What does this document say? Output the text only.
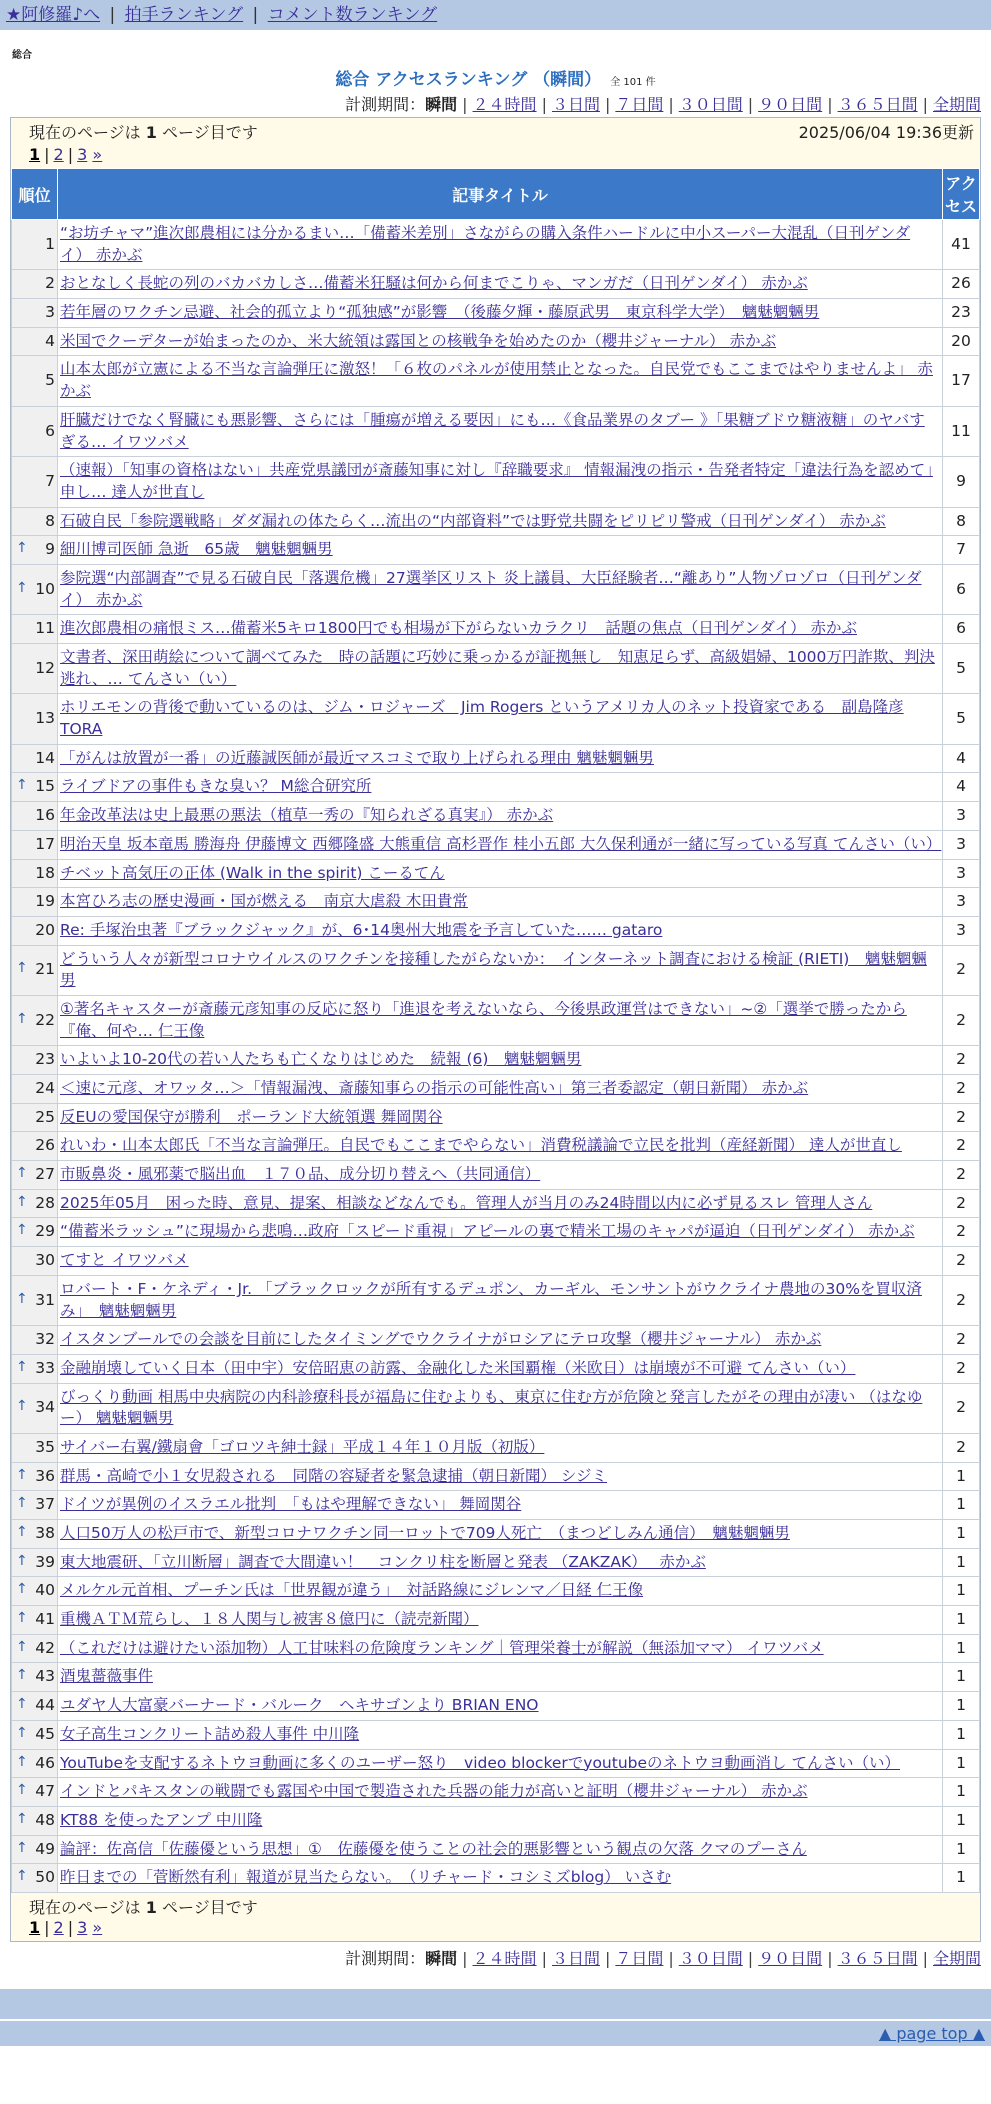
★阿修羅♪へ | 拍手ランキング | コメント数ランキング
総合
総合 アクセスランキング （瞬間） 全 101 件
計測期間：瞬間 | ２４時間 | ３日間 | ７日間 | ３０日間 | ９０日間 | ３６５日間 | 全期間
現在のページは 1 ページ目です	2025/06/04 19:36更新
1 | 2 | 3 »
順位	記事タイトル	アクセス
1	“お坊チャマ”進次郎農相には分かるまい…「備蓄米差別」さながらの購入条件ハードルに中小スーパー大混乱（日刊ゲンダイ） 赤かぶ	41
2	おとなしく長蛇の列のバカバカしさ…備蓄米狂騒は何から何までこりゃ、マンガだ（日刊ゲンダイ） 赤かぶ	26
3	若年層のワクチン忌避、社会的孤立より“孤独感”が影響　（後藤夕輝・藤原武男　東京科学大学）　魑魅魍魎男	23
4	米国でクーデターが始まったのか、米大統領は露国との核戦争を始めたのか（櫻井ジャーナル） 赤かぶ	20
5	山本太郎が立憲による不当な言論弾圧に激怒！「６枚のパネルが使用禁止となった。自民党でもここまではやりませんよ」 赤かぶ	17
6	肝臓だけでなく腎臓にも悪影響、さらには「腫瘍が増える要因」にも…《食品業界のタブー 》「果糖ブドウ糖液糖」のヤバすぎる… イワツバメ	11
7	（速報）「知事の資格はない」共産党県議団が斎藤知事に対し『辞職要求』 情報漏洩の指示・告発者特定「違法行為を認めて」申し… 達人が世直し	9
8	石破自民「参院選戦略」ダダ漏れの体たらく…流出の“内部資料”では野党共闘をピリピリ警戒（日刊ゲンダイ） 赤かぶ	8

↑ 9	細川博司医師 急逝　65歳　魑魅魍魎男	7

↑ 10	参院選“内部調査”で見る石破自民「落選危機」27選挙区リスト 炎上議員、大臣経験者…“離あり”人物ゾロゾロ（日刊ゲンダイ） 赤かぶ	6
11	進次郎農相の痛恨ミス…備蓄米5キロ1800円でも相場が下がらないカラクリ　話題の焦点（日刊ゲンダイ） 赤かぶ	6
12	文書者、深田萌絵について調べてみた　時の話題に巧妙に乗っかるが証拠無し　知恵足らず、高級娼婦、1000万円詐欺、判決逃れ、… てんさい（い）	5
13	ホリエモンの背後で動いているのは、ジム・ロジャーズ　Jim Rogers というアメリカ人のネット投資家である　副島隆彦 TORA	5
14	「がんは放置が一番」の近藤誠医師が最近マスコミで取り上げられる理由 魑魅魍魎男	4

↑ 15	ライブドアの事件もきな臭い？ M総合研究所	4
16	年金改革法は史上最悪の悪法（植草一秀の『知られざる真実』） 赤かぶ	3
17	明治天皇 坂本竜馬 勝海舟 伊藤博文 西郷隆盛 大熊重信 高杉晋作 桂小五郎 大久保利通が一緒に写っている写真 てんさい（い）	3
18	チベット高気圧の正体 (Walk in the spirit) こーるてん	3
19	本宮ひろ志の歴史漫画・国が燃える　南京大虐殺 木田貴常	3
20	Re: 手塚治虫著『ブラックジャック』が、6･14奥州大地震を予言していた…… gataro	3

↑ 21	どういう人々が新型コロナウイルスのワクチンを接種したがらないか：　インターネット調査における検証 (RIETI)　魑魅魍魎男	2

↑ 22	①著名キャスターが斎藤元彦知事の反応に怒り「進退を考えないなら、今後県政運営はできない」~②「選挙で勝ったから『俺、何や… 仁王像	2
23	いよいよ10-20代の若い人たちも亡くなりはじめた　続報 (6)　魑魅魍魎男	2
24	＜速に元彦、オワッタ…＞「情報漏洩、斎藤知事らの指示の可能性高い」第三者委認定（朝日新聞） 赤かぶ	2
25	反EUの愛国保守が勝利　ポーランド大統領選 舞岡関谷	2
26	れいわ・山本太郎氏「不当な言論弾圧。自民でもここまでやらない」消費税議論で立民を批判（産経新聞） 達人が世直し	2

↑ 27	市販鼻炎・風邪薬で脳出血　１７０品、成分切り替えへ（共同通信）	2

↑ 28	2025年05月　困った時、意見、提案、相談などなんでも。管理人が当月のみ24時間以内に必ず見るスレ 管理人さん	2

↑ 29	“備蓄米ラッシュ”に現場から悲鳴…政府「スピード重視」アピールの裏で精米工場のキャパが逼迫（日刊ゲンダイ） 赤かぶ	2
30	てすと イワツバメ	2

↑ 31	ロバート・F・ケネディ・Jr. 「ブラックロックが所有するデュポン、カーギル、モンサントがウクライナ農地の30%を買収済み」　魑魅魍魎男	2
32	イスタンブールでの会談を目前にしたタイミングでウクライナがロシアにテロ攻撃（櫻井ジャーナル） 赤かぶ	2

↑ 33	金融崩壊していく日本（田中宇）安倍昭恵の訪露、金融化した米国覇権（米欧日）は崩壊が不可避 てんさい（い）	2

↑ 34	びっくり動画 相馬中央病院の内科診療科長が福島に住むよりも、東京に住む方が危険と発言したがその理由が凄い （はなゆー） 魑魅魍魎男	2
35	サイバー右翼/鐵扇會「ゴロツキ紳士録」平成１４年１０月版（初版）	2

↑ 36	群馬・高崎で小１女児殺される　同階の容疑者を緊急逮捕（朝日新聞） シジミ	1

↑ 37	ドイツが異例のイスラエル批判　「もはや理解できない」 舞岡関谷	1

↑ 38	人口50万人の松戸市で、新型コロナワクチン同一ロットで709人死亡　（まつどしみん通信）　魑魅魍魎男	1

↑ 39	東大地震研、「立川断層」調査で大間違い！　コンクリ柱を断層と発表 （ZAKZAK）　 赤かぶ	1

↑ 40	メルケル元首相、プーチン氏は「世界観が違う」　対話路線にジレンマ／日経 仁王像	1

↑ 41	重機ＡＴＭ荒らし、１８人関与し被害８億円に（読売新聞）	1

↑ 42	（これだけは避けたい添加物）人工甘味料の危険度ランキング｜管理栄養士が解説（無添加ママ） イワツバメ	1

↑ 43	酒鬼薔薇事件	1

↑ 44	ユダヤ人大富豪バーナード・バルーク　ヘキサゴンより BRIAN ENO	1

↑ 45	女子高生コンクリート詰め殺人事件 中川隆	1

↑ 46	YouTubeを支配するネトウヨ動画に多くのユーザー怒り　video blockerでyoutubeのネトウヨ動画消し てんさい（い）	1

↑ 47	インドとパキスタンの戦闘でも露国や中国で製造された兵器の能力が高いと証明（櫻井ジャーナル） 赤かぶ	1

↑ 48	KT88 を使ったアンプ 中川隆	1

↑ 49	論評：佐高信「佐藤優という思想」①　佐藤優を使うことの社会的悪影響という観点の欠落 クマのプーさん	1

↑ 50	昨日までの「菅断然有利」報道が見当たらない。　（リチャード・コシミズblog） いさむ	1
現在のページは 1 ページ目です
1 | 2 | 3 »
計測期間：瞬間 | ２４時間 | ３日間 | ７日間 | ３０日間 | ９０日間 | ３６５日間 | 全期間
▲ page top ▲
